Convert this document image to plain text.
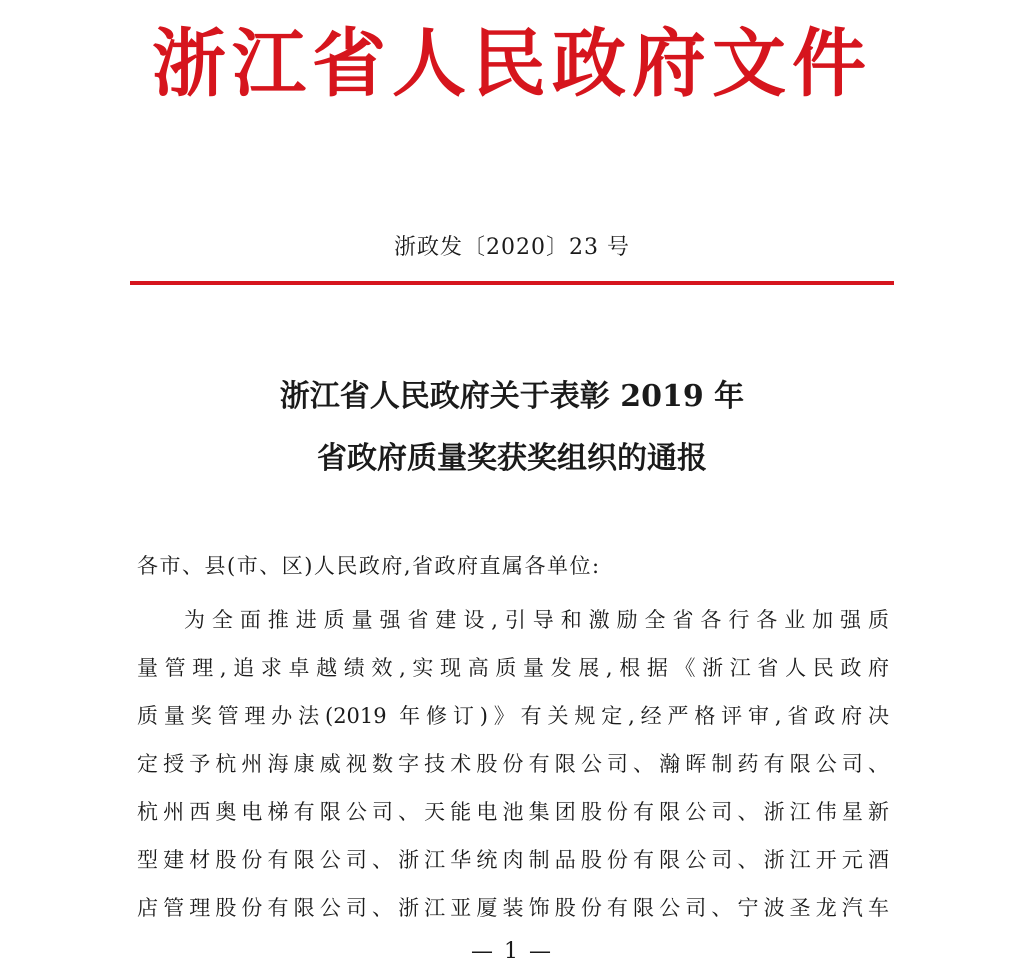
浙江省人民政府文件
浙政发〔2020〕23 号
浙江省人民政府关于表彰 2019 年
省政府质量奖获奖组织的通报
各市、县(市、区)人民政府,省政府直属各单位:
为全面推进质量强省建设,引导和激励全省各行各业加强质
量管理,追求卓越绩效,实现高质量发展,根据《浙江省人民政府
质量奖管理办法(2019 年修订)》有关规定,经严格评审,省政府决
定授予杭州海康威视数字技术股份有限公司、瀚晖制药有限公司、
杭州西奥电梯有限公司、天能电池集团股份有限公司、浙江伟星新
型建材股份有限公司、浙江华统肉制品股份有限公司、浙江开元酒
店管理股份有限公司、浙江亚厦装饰股份有限公司、宁波圣龙汽车
— 1 —
